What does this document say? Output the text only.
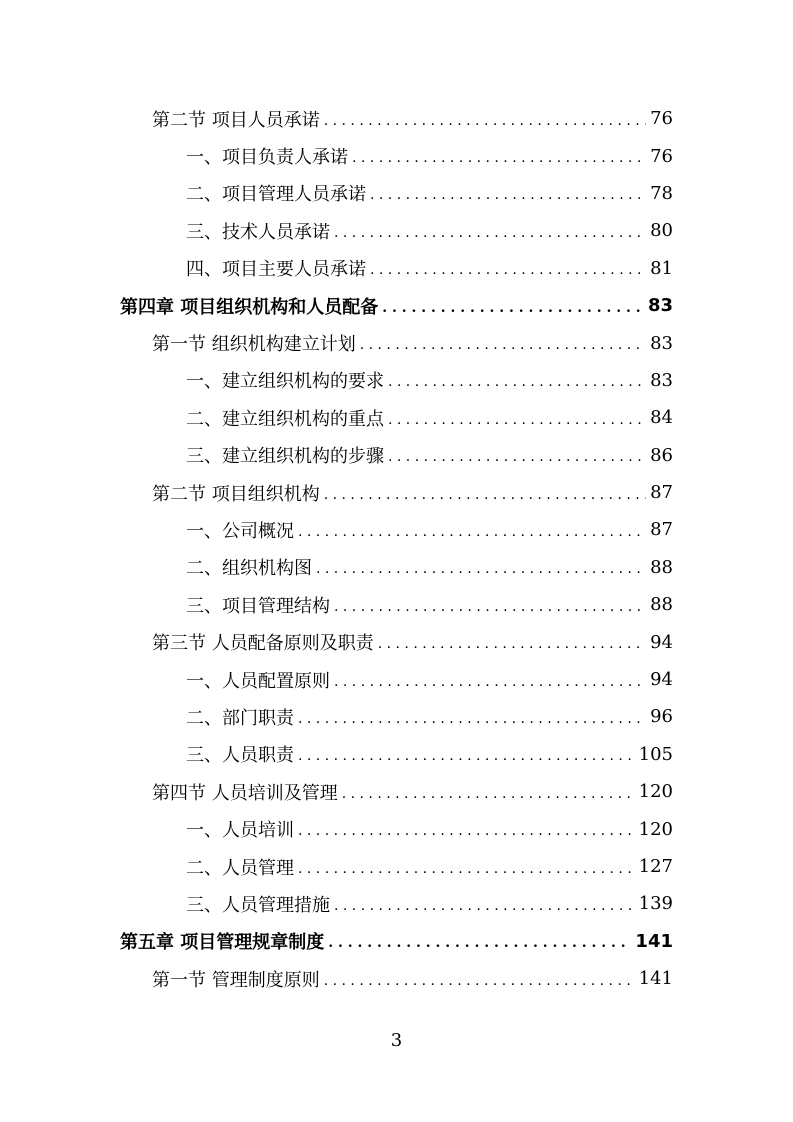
第二节 项目人员承诺 . . .	76
一、项目负责人承诺 . . .	76
二、项目管理人员承诺 . . .	78
三、技术人员承诺 . . .	80
四、项目主要人员承诺 . . .	81
第四章 项目组织机构和人员配备 . . .	83
第一节 组织机构建立计划 . . .	83
一、建立组织机构的要求 . . .	83
二、建立组织机构的重点 . . .	84
三、建立组织机构的步骤 . . .	86
第二节 项目组织机构 . . .	87
一、公司概况 . . .	87
二、组织机构图 . . .	88
三、项目管理结构 . . .	88
第三节 人员配备原则及职责 . . .	94
一、人员配置原则 . . .	94
二、部门职责 . . .	96
三、人员职责 . . .	105
第四节 人员培训及管理 . . .	120
一、人员培训 . . .	120
二、人员管理 . . .	127
三、人员管理措施 . . .	139
第五章 项目管理规章制度 . . .	141
第一节 管理制度原则 . . .	141
3
